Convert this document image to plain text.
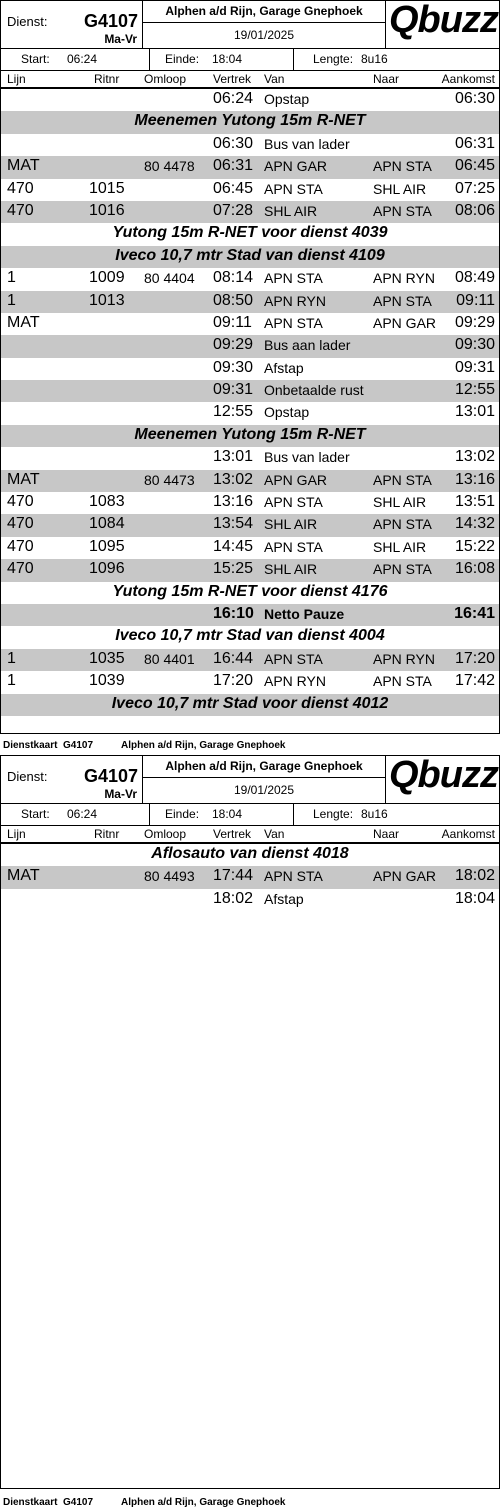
Dienst: G4107
Ma-Vr
Alphen a/d Rijn, Garage Gnephoek
19/01/2025	Qbuzz
Start: 06:24	Einde: 18:04	Lengte: 8u16
Lijn	Ritnr Omloop Vertrek Van	Naar	Aankomst
06:24 Opstap	06:30
Meenemen Yutong 15m R-NET
06:30 Bus van lader	06:31
MAT	80 4478 06:31 APN GAR	APN STA 06:45
470	1015	06:45 APN STA	SHL AIR 07:25
470	1016	07:28 SHL AIR	APN STA 08:06
Yutong 15m R-NET voor dienst 4039
Iveco 10,7 mtr Stad van dienst 4109
1	1009 80 4404 08:14 APN STA	APN RYN 08:49
1	1013	08:50 APN RYN	APN STA 09:11
MAT	09:11 APN STA	APN GAR 09:29
09:29 Bus aan lader	09:30
09:30 Afstap	09:31
09:31 Onbetaalde rust	12:55
12:55 Opstap	13:01
Meenemen Yutong 15m R-NET
13:01 Bus van lader	13:02
MAT	80 4473 13:02 APN GAR	APN STA 13:16
470	1083	13:16 APN STA	SHL AIR 13:51
470	1084	13:54 SHL AIR	APN STA 14:32
470	1095	14:45 APN STA	SHL AIR 15:22
470	1096	15:25 SHL AIR	APN STA 16:08
Yutong 15m R-NET voor dienst 4176
16:10 Netto Pauze	16:41
Iveco 10,7 mtr Stad van dienst 4004
1	1035 80 4401 16:44 APN STA	APN RYN 17:20
1	1039	17:20 APN RYN	APN STA 17:42
Iveco 10,7 mtr Stad voor dienst 4012
Dienstkaart G4107	Alphen a/d Rijn, Garage Gnephoek
Dienst: G4107
Ma-Vr
Alphen a/d Rijn, Garage Gnephoek
19/01/2025	Qbuzz
Start: 06:24	Einde: 18:04	Lengte: 8u16
Lijn	Ritnr Omloop Vertrek Van	Naar	Aankomst
Aflosauto van dienst 4018
MAT	80 4493 17:44 APN STA	APN GAR 18:02
18:02 Afstap	18:04
Dienstkaart G4107	Alphen a/d Rijn, Garage Gnephoek
